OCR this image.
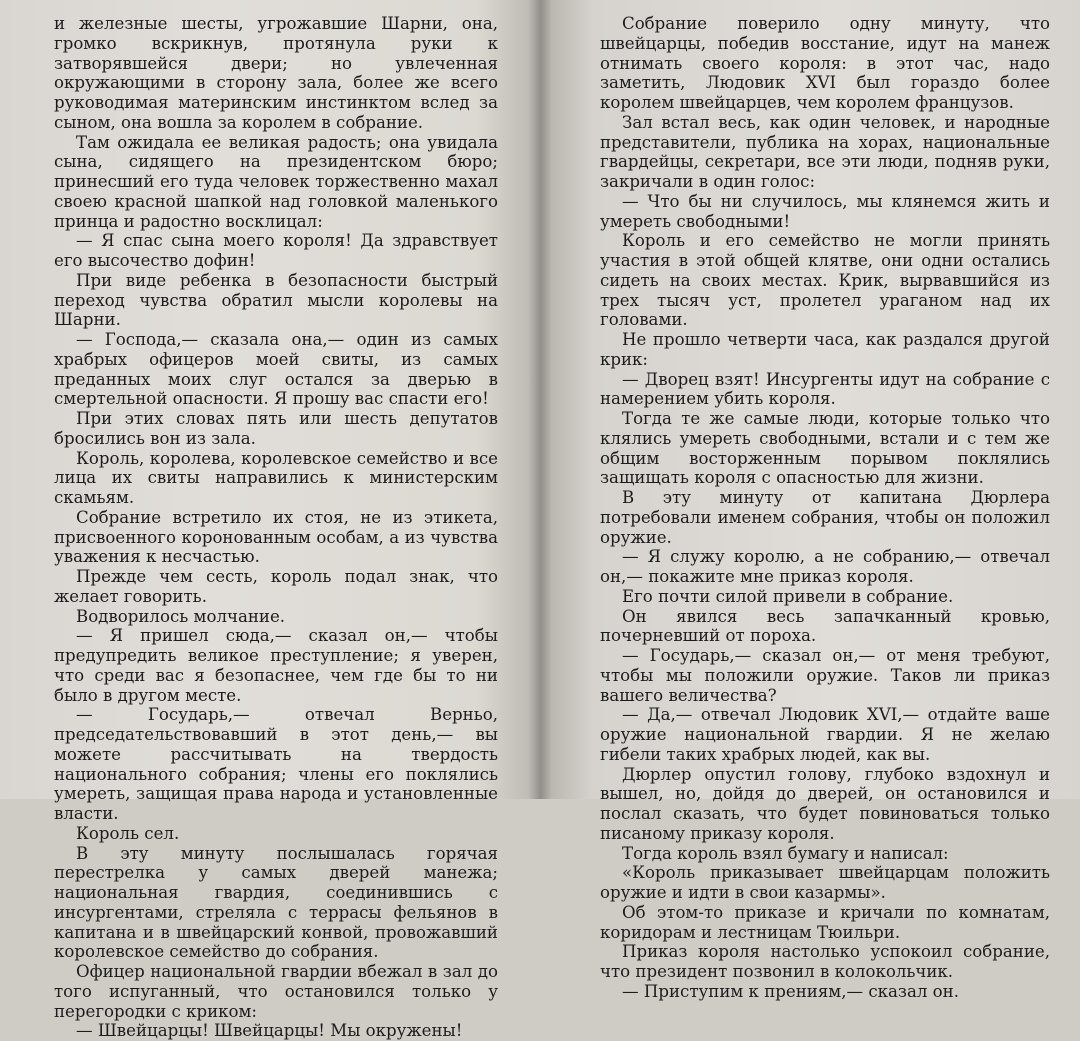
и железные шесты, угрожавшие Шарни, она, громко вскрикнув, протянула руки к затворявшейся двери; но увлеченная окружающими в сторону зала, более же всего руководимая материнским инстинктом вслед за сыном, она вошла за королем в собрание.

Там ожидала ее великая радость; она увидала сына, сидящего на президентском бюро; принесший его туда человек торжественно махал своею красной шапкой над головкой маленького принца и радостно восклицал:

— Я спас сына моего короля! Да здравствует его высочество дофин!

При виде ребенка в безопасности быстрый переход чувства обратил мысли королевы на Шарни.

— Господа,— сказала она,— один из самых храбрых офицеров моей свиты, из самых преданных моих слуг остался за дверью в смертельной опасности. Я прошу вас спасти его!

При этих словах пять или шесть депутатов бросились вон из зала.

Король, королева, королевское семейство и все лица их свиты направились к министерским скамьям.

Собрание встретило их стоя, не из этикета, присвоенного коронованным особам, а из чувства уважения к несчастью.

Прежде чем сесть, король подал знак, что желает говорить.

Водворилось молчание.

— Я пришел сюда,— сказал он,— чтобы предупредить великое преступление; я уверен, что среди вас я безопаснее, чем где бы то ни было в другом месте.

— Государь,— отвечал Верньо, председательствовавший в этот день,— вы можете рассчитывать на твердость национального собрания; члены его поклялись умереть, защищая права народа и установленные власти.

Король сел.

В эту минуту послышалась горячая перестрелка у самых дверей манежа; национальная гвардия, соединившись с инсургентами, стреляла с террасы фельянов в капитана и в швейцарский конвой, провожавший королевское семейство до собрания.

Офицер национальной гвардии вбежал в зал до того испуганный, что остановился только у перегородки с криком:

— Швейцарцы! Швейцарцы! Мы окружены!

Собрание поверило одну минуту, что швейцарцы, победив восстание, идут на манеж отнимать своего короля: в этот час, надо заметить, Людовик XVI был гораздо более королем швейцарцев, чем королем французов.

Зал встал весь, как один человек, и народные представители, публика на хорах, национальные гвардейцы, секретари, все эти люди, подняв руки, закричали в один голос:

— Что бы ни случилось, мы клянемся жить и умереть свободными!

Король и его семейство не могли принять участия в этой общей клятве, они одни остались сидеть на своих местах. Крик, вырвавшийся из трех тысяч уст, пролетел ураганом над их головами.

Не прошло четверти часа, как раздался другой крик:

— Дворец взят! Инсургенты идут на собрание с намерением убить короля.

Тогда те же самые люди, которые только что клялись умереть свободными, встали и с тем же общим восторженным порывом поклялись защищать короля с опасностью для жизни.

В эту минуту от капитана Дюрлера потребовали именем собрания, чтобы он положил оружие.

— Я служу королю, а не собранию,— отвечал он,— покажите мне приказ короля.

Его почти силой привели в собрание.

Он явился весь запачканный кровью, почерневший от пороха.

— Государь,— сказал он,— от меня требуют, чтобы мы положили оружие. Таков ли приказ вашего величества?

— Да,— отвечал Людовик XVI,— отдайте ваше оружие национальной гвардии. Я не желаю гибели таких храбрых людей, как вы.

Дюрлер опустил голову, глубоко вздохнул и вышел, но, дойдя до дверей, он остановился и послал сказать, что будет повиноваться только писаному приказу короля.

Тогда король взял бумагу и написал:

«Король приказывает швейцарцам положить оружие и идти в свои казармы».

Об этом-то приказе и кричали по комнатам, коридорам и лестницам Тюильри.

Приказ короля настолько успокоил собрание, что президент позвонил в колокольчик.

— Приступим к прениям,— сказал он.
